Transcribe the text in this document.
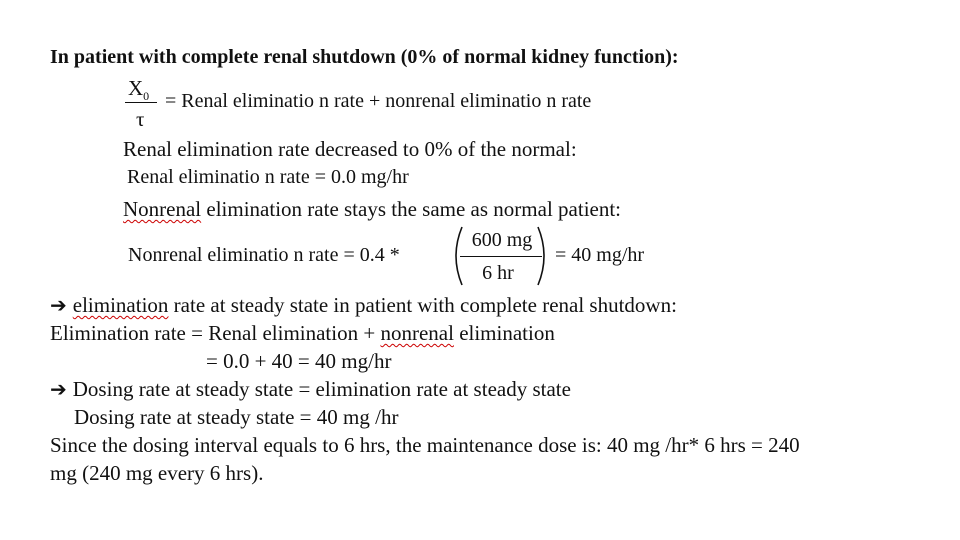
In patient with complete renal shutdown (0% of normal kidney function):
$X_0$
τ
= Renal eliminatio n rate + nonrenal eliminatio n rate
Renal elimination rate decreased to 0% of the normal:
Renal eliminatio n rate = 0.0 mg/hr
Nonrenal elimination rate stays the same as normal patient:
Nonrenal eliminatio n rate = 0.4 *
600 mg
6 hr
= 40 mg/hr
➔ elimination rate at steady state in patient with complete renal shutdown:
Elimination rate = Renal elimination + nonrenal elimination
= 0.0 + 40 = 40 mg/hr
➔ Dosing rate at steady state = elimination rate at steady state
Dosing rate at steady state = 40 mg /hr
Since the dosing interval equals to 6 hrs, the maintenance dose is: 40 mg /hr* 6 hrs = 240
mg (240 mg every 6 hrs).
